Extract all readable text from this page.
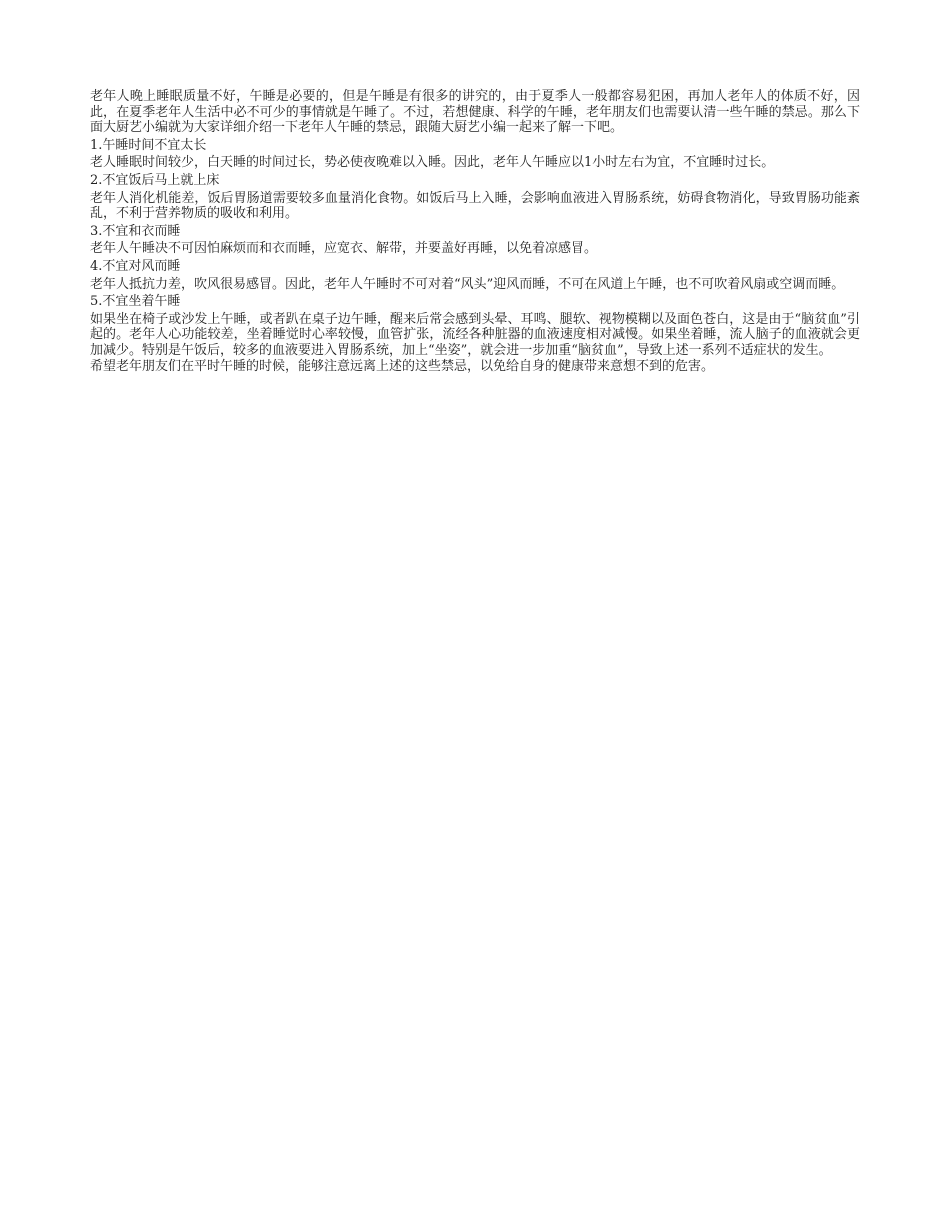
老年人晚上睡眠质量不好，午睡是必要的，但是午睡是有很多的讲究的，由于夏季人一般都容易犯困，再加人老年人的体质不好，因此，在夏季老年人生活中必不可少的事情就是午睡了。不过，若想健康、科学的午睡，老年朋友们也需要认清一些午睡的禁忌。那么下面大厨艺小编就为大家详细介绍一下老年人午睡的禁忌，跟随大厨艺小编一起来了解一下吧。

1.午睡时间不宜太长

老人睡眠时间较少，白天睡的时间过长，势必使夜晚难以入睡。因此，老年人午睡应以1小时左右为宜，不宜睡时过长。

2.不宜饭后马上就上床

老年人消化机能差，饭后胃肠道需要较多血量消化食物。如饭后马上入睡，会影响血液进入胃肠系统，妨碍食物消化，导致胃肠功能紊乱，不利于营养物质的吸收和利用。

3.不宜和衣而睡

老年人午睡决不可因怕麻烦而和衣而睡，应宽衣、解带，并要盖好再睡，以免着凉感冒。

4.不宜对风而睡

老年人抵抗力差，吹风很易感冒。因此，老年人午睡时不可对着“风头”迎风而睡，不可在风道上午睡，也不可吹着风扇或空调而睡。

5.不宜坐着午睡

如果坐在椅子或沙发上午睡，或者趴在桌子边午睡，醒来后常会感到头晕、耳鸣、腿软、视物模糊以及面色苍白，这是由于“脑贫血”引起的。老年人心功能较差，坐着睡觉时心率较慢，血管扩张，流经各种脏器的血液速度相对减慢。如果坐着睡，流人脑子的血液就会更加减少。特别是午饭后，较多的血液要进入胃肠系统，加上“坐姿”，就会进一步加重“脑贫血”，导致上述一系列不适症状的发生。

希望老年朋友们在平时午睡的时候，能够注意远离上述的这些禁忌，以免给自身的健康带来意想不到的危害。
